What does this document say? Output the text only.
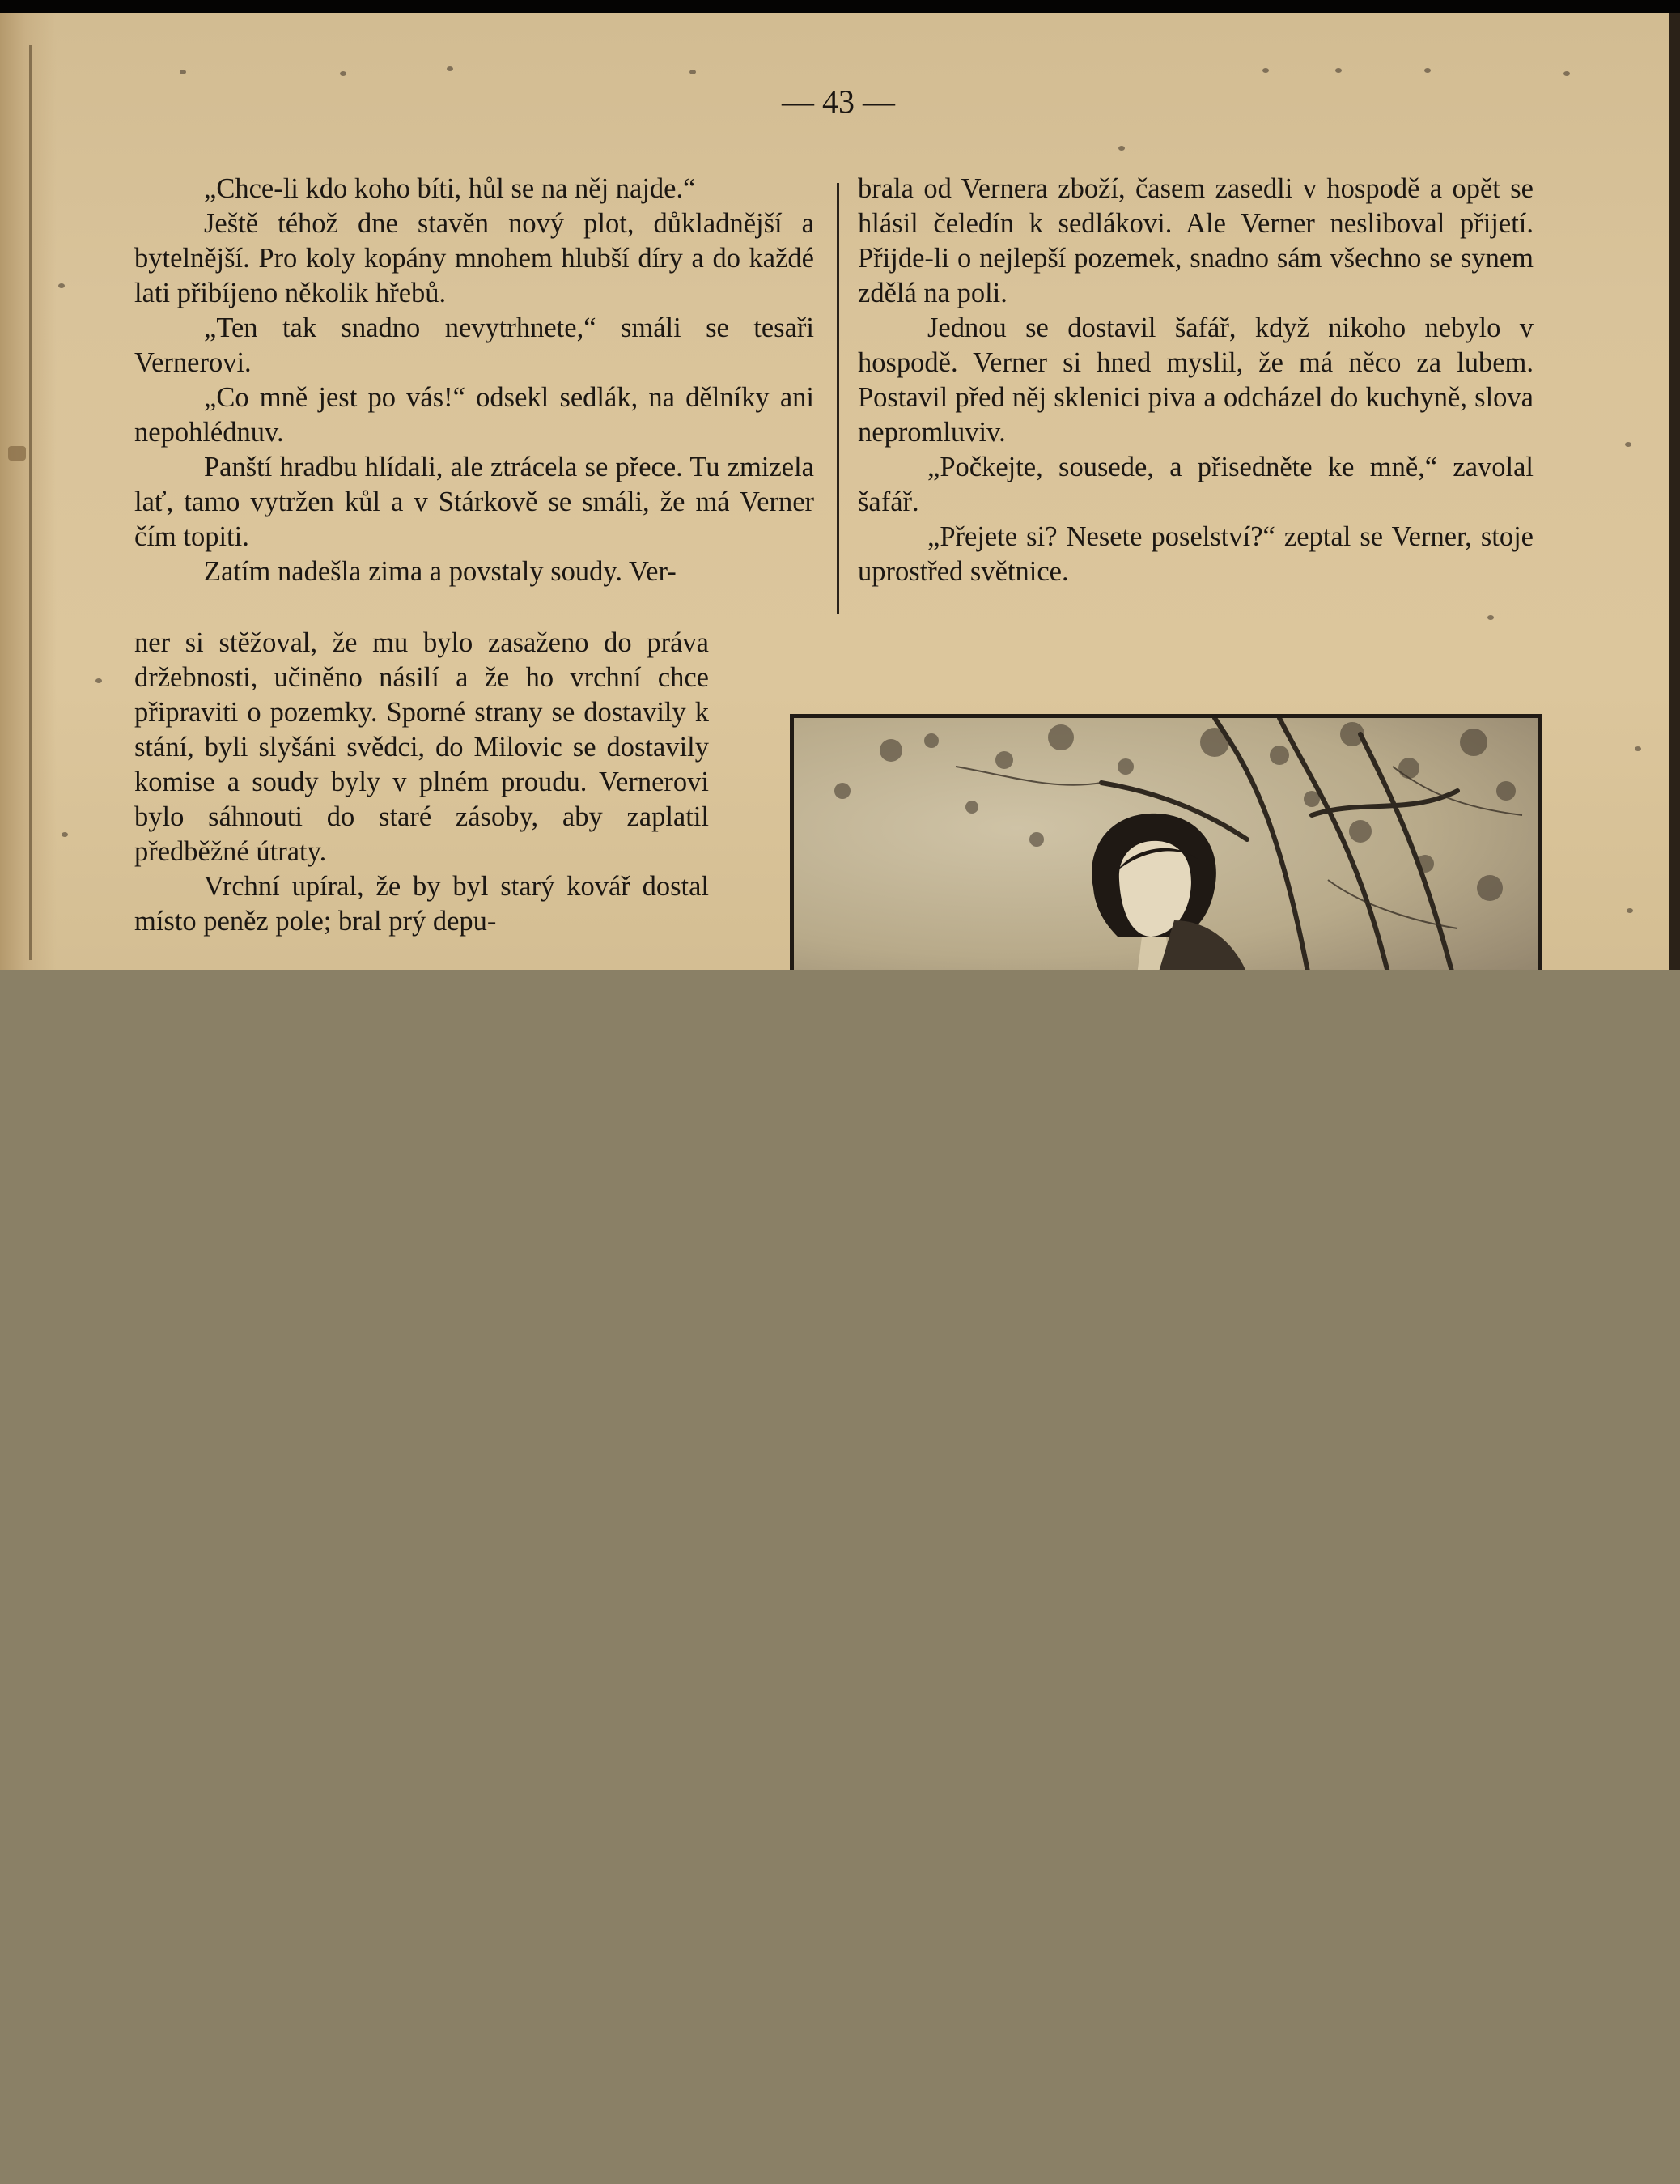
— 43 —

„Chce-li kdo koho bíti, hůl se na něj najde.“

Ještě téhož dne stavěn nový plot, důkladnější a bytelnější. Pro koly kopány mnohem hlubší díry a do každé lati přibíjeno několik hřebů.

„Ten tak snadno nevytrhnete,“ smáli se tesaři Vernerovi.

„Co mně jest po vás!“ odsekl sedlák, na dělníky ani nepohlédnuv.

Panští hradbu hlídali, ale ztrácela se přece. Tu zmizela lať, tamo vytržen kůl a v Stárkově se smáli, že má Verner čím topiti.

Zatím nadešla zima a povstaly soudy. Ver-

ner si stěžoval, že mu bylo zasaženo do práva držebnosti, učiněno násilí a že ho vrchní chce připraviti o pozemky. Sporné strany se dostavily k stání, byli slyšáni svědci, do Milovic se dostavily komise a soudy byly v plném proudu. Vernerovi bylo sáhnouti do staré zásoby, aby zaplatil předběžné útraty.

Vrchní upíral, že by byl starý kovář dostal místo peněz pole; bral prý depu-

brala od Vernera zboží, časem zasedli v hospodě a opět se hlásil čeledín k sedlákovi. Ale Verner nesliboval přijetí. Přijde-li o nejlepší pozemek, snadno sám všechno se synem zdělá na poli.

Jednou se dostavil šafář, když nikoho nebylo v hospodě. Verner si hned myslil, že má něco za lubem. Postavil před něj sklenici piva a odcházel do kuchyně, slova nepromluviv.

„Počkejte, sousede, a přisedněte ke mně,“ zavolal šafář.

„Přejete si? Nesete poselství?“ zeptal se Verner, stoje uprostřed světnice.
